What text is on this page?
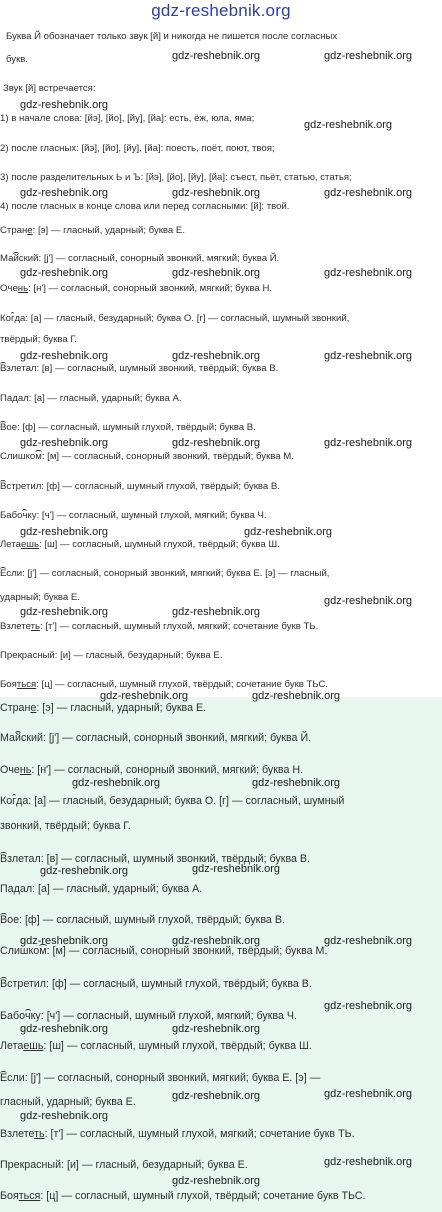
gdz-reshebnik.org
Буква Й обозначает только звук [й] и никогда не пишется после согласных
букв.
Звук [й] встречается:
1) в начале слова: [йэ], [йо], [йу], [йа]: есть, ёж, юла, яма;
2) после гласных: [йэ], [йо], [йу], [йа]: поесть, поёт, поют, твоя;
3) после разделительных Ь и Ъ: [йэ], [йо], [йу], [йа]: съест, пьёт, статью, статья;
4) после гласных в конце слова или перед согласными: [й]: твой.
Стране: [э] — гласный, ударный; буква Е.
Майский: [j'] — согласный, сонорный звонкий, мягкий; буква Й.
Очень: [н'] — согласный, сонорный звонкий, мягкий; буква Н.
Когда: [а] — гласный, безударный; буква О. [г] — согласный, шумный звонкий,
твёрдый; буква Г.
Взлетал: [в] — согласный, шумный звонкий, твёрдый; буква В.
Падал: [а] — гласный, ударный; буква А.
Вое: [ф] — согласный, шумный глухой, твёрдый; буква В.
Слишком: [м] — согласный, сонорный звонкий, твёрдый; буква М.
Встретил: [ф] — согласный, шумный глухой, твёрдый; буква В.
Бабочку: [ч'] — согласный, шумный глухой, мягкий; буква Ч.
Летаешь: [ш] — согласный, шумный глухой, твёрдый; буква Ш.
Если: [j'] — согласный, сонорный звонкий, мягкий; буква Е. [э] — гласный,
ударный; буква Е.
Взлететь: [т'] — согласный, шумный глухой, мягкий; сочетание букв ТЬ.
Прекрасный: [и] — гласный, безударный; буква Е.
Бояться: [ц] — согласный, шумный глухой, твёрдый; сочетание букв ТЬС.
Стране: [э] — гласный, ударный; буква Е.
Майский: [j'] — согласный, сонорный звонкий, мягкий; буква Й.
Очень: [н'] — согласный, сонорный звонкий, мягкий; буква Н.
Когда: [а] — гласный, безударный; буква О. [г] — согласный, шумный
звонкий, твёрдый; буква Г.
Взлетал: [в] — согласный, шумный звонкий, твёрдый; буква В.
Падал: [а] — гласный, ударный; буква А.
Вое: [ф] — согласный, шумный глухой, твёрдый; буква В.
Слишком: [м] — согласный, сонорный звонкий, твёрдый; буква М.
Встретил: [ф] — согласный, шумный глухой, твёрдый; буква В.
Бабочку: [ч'] — согласный, шумный глухой, мягкий; буква Ч.
Летаешь: [ш] — согласный, шумный глухой, твёрдый; буква Ш.
Если: [j'] — согласный, сонорный звонкий, мягкий; буква Е. [э] —
гласный, ударный; буква Е.
Взлететь: [т'] — согласный, шумный глухой, мягкий; сочетание букв ТЬ.
Прекрасный: [и] — гласный, безударный; буква Е.
Бояться: [ц] — согласный, шумный глухой, твёрдый; сочетание букв ТЬС.
gdz-reshebnik.org	gdz-reshebnik.org
gdz-reshebnik.org
gdz-reshebnik.org
gdz-reshebnik.org	gdz-reshebnik.org	gdz-reshebnik.org
gdz-reshebnik.org	gdz-reshebnik.org	gdz-reshebnik.org
gdz-reshebnik.org	gdz-reshebnik.org	gdz-reshebnik.org
gdz-reshebnik.org	gdz-reshebnik.org	gdz-reshebnik.org
gdz-reshebnik.org	gdz-reshebnik.org
gdz-reshebnik.org
gdz-reshebnik.org	gdz-reshebnik.org
gdz-reshebnik.org	gdz-reshebnik.org
gdz-reshebnik.org	gdz-reshebnik.org
gdz-reshebnik.org	gdz-reshebnik.org
gdz-reshebnik.org	gdz-reshebnik.org	gdz-reshebnik.org
gdz-reshebnik.org
gdz-reshebnik.org	gdz-reshebnik.org
gdz-reshebnik.org	gdz-reshebnik.org
gdz-reshebnik.org
gdz-reshebnik.org
gdz-reshebnik.org
